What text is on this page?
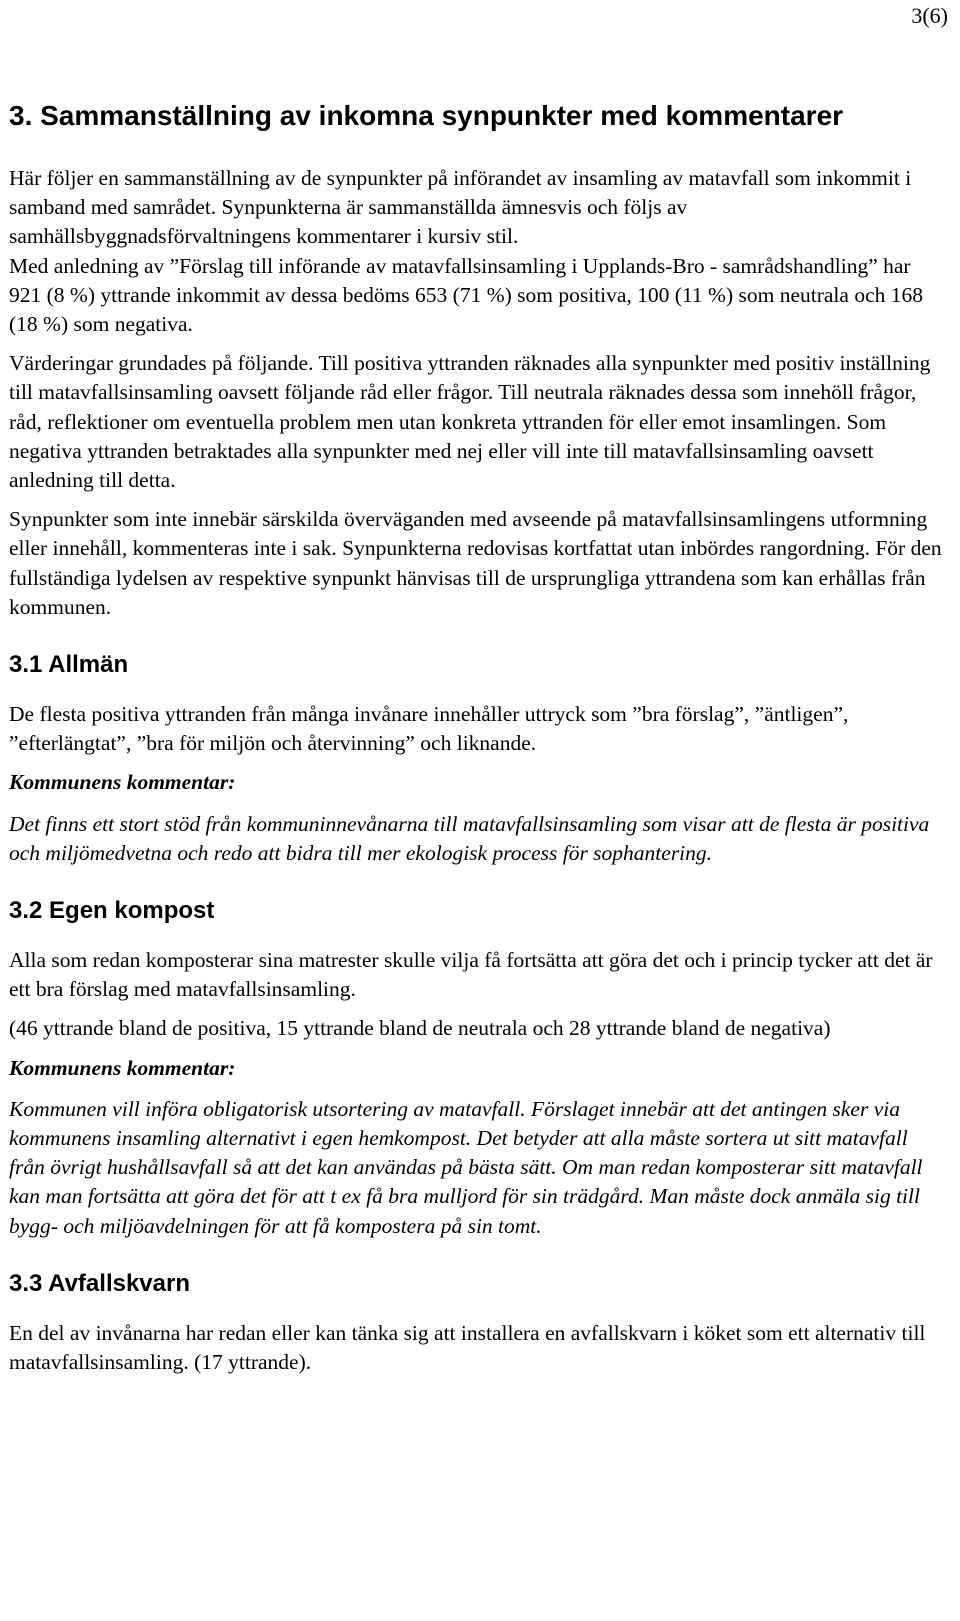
3(6)
3. Sammanställning av inkomna synpunkter med kommentarer

Här följer en sammanställning av de synpunkter på införandet av insamling av matavfall som inkommit i samband med samrådet. Synpunkterna är sammanställda ämnesvis och följs av samhällsbyggnadsförvaltningens kommentarer i kursiv stil.

Med anledning av ”Förslag till införande av matavfallsinsamling i Upplands-Bro - samrådshandling” har 921 (8 %) yttrande inkommit av dessa bedöms 653 (71 %) som positiva, 100 (11 %) som neutrala och 168 (18 %) som negativa.

Värderingar grundades på följande. Till positiva yttranden räknades alla synpunkter med positiv inställning till matavfallsinsamling oavsett följande råd eller frågor. Till neutrala räknades dessa som innehöll frågor, råd, reflektioner om eventuella problem men utan konkreta yttranden för eller emot insamlingen. Som negativa yttranden betraktades alla synpunkter med nej eller vill inte till matavfallsinsamling oavsett anledning till detta.

Synpunkter som inte innebär särskilda överväganden med avseende på matavfallsinsamlingens utformning eller innehåll, kommenteras inte i sak. Synpunkterna redovisas kortfattat utan inbördes rangordning. För den fullständiga lydelsen av respektive synpunkt hänvisas till de ursprungliga yttrandena som kan erhållas från kommunen.

3.1 Allmän

De flesta positiva yttranden från många invånare innehåller uttryck som ”bra förslag”, ”äntligen”, ”efterlängtat”, ”bra för miljön och återvinning” och liknande.

Kommunens kommentar:

Det finns ett stort stöd från kommuninnevånarna till matavfallsinsamling som visar att de flesta är positiva och miljömedvetna och redo att bidra till mer ekologisk process för sophantering.

3.2 Egen kompost

Alla som redan komposterar sina matrester skulle vilja få fortsätta att göra det och i princip tycker att det är ett bra förslag med matavfallsinsamling.

(46 yttrande bland de positiva, 15 yttrande bland de neutrala och 28 yttrande bland de negativa)

Kommunens kommentar:

Kommunen vill införa obligatorisk utsortering av matavfall. Förslaget innebär att det antingen sker via kommunens insamling alternativt i egen hemkompost. Det betyder att alla måste sortera ut sitt matavfall från övrigt hushållsavfall så att det kan användas på bästa sätt. Om man redan komposterar sitt matavfall kan man fortsätta att göra det för att t ex få bra mulljord för sin trädgård. Man måste dock anmäla sig till bygg- och miljöavdelningen för att få kompostera på sin tomt.

3.3 Avfallskvarn

En del av invånarna har redan eller kan tänka sig att installera en avfallskvarn i köket som ett alternativ till matavfallsinsamling. (17 yttrande).
